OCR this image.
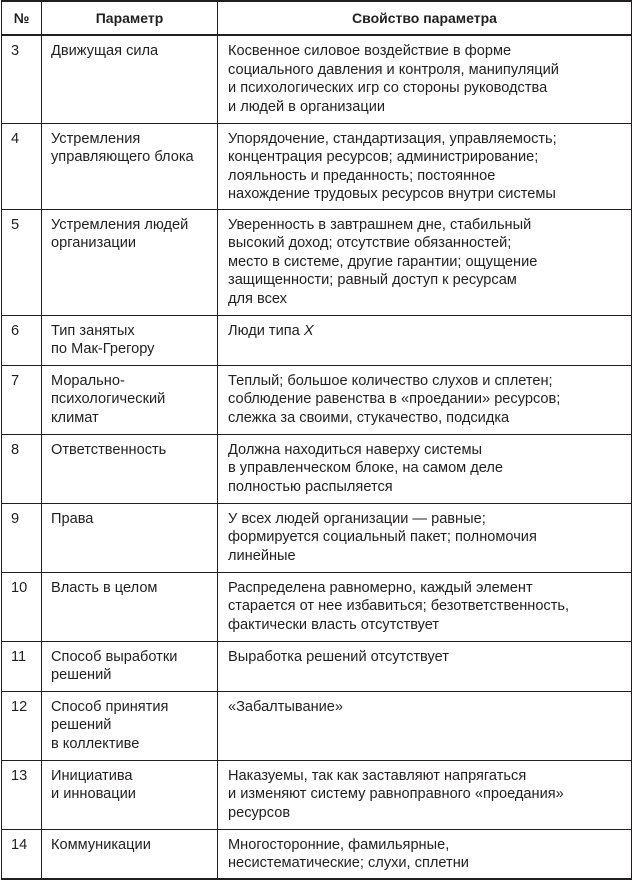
№	Параметр	Свойство параметра

3	Движущая сила	Косвенное силовое воздействие в форме
социального давления и контроля, манипуляций
и психологических игр со стороны руководства
и людей в организации

4	Устремления
управляющего блока	Упорядочение, стандартизация, управляемость;
концентрация ресурсов; администрирование;
лояльность и преданность; постоянное
нахождение трудовых ресурсов внутри системы

5	Устремления людей
организации	Уверенность в завтрашнем дне, стабильный
высокий доход; отсутствие обязанностей;
место в системе, другие гарантии; ощущение
защищенности; равный доступ к ресурсам
для всех

6	Тип занятых
по Мак-Грегору	Люди типа X

7	Морально-
психологический
климат	Теплый; большое количество слухов и сплетен;
соблюдение равенства в «проедании» ресурсов;
слежка за своими, стукачество, подсидка

8	Ответственность	Должна находиться наверху системы
в управленческом блоке, на самом деле
полностью распыляется

9	Права	У всех людей организации — равные;
формируется социальный пакет; полномочия
линейные

10	Власть в целом	Распределена равномерно, каждый элемент
старается от нее избавиться; безответственность,
фактически власть отсутствует

11	Способ выработки
решений	Выработка решений отсутствует

12	Способ принятия
решений
в коллективе	«Забалтывание»

13	Инициатива
и инновации	Наказуемы, так как заставляют напрягаться
и изменяют систему равноправного «проедания»
ресурсов

14	Коммуникации	Многосторонние, фамильярные,
несистематические; слухи, сплетни
